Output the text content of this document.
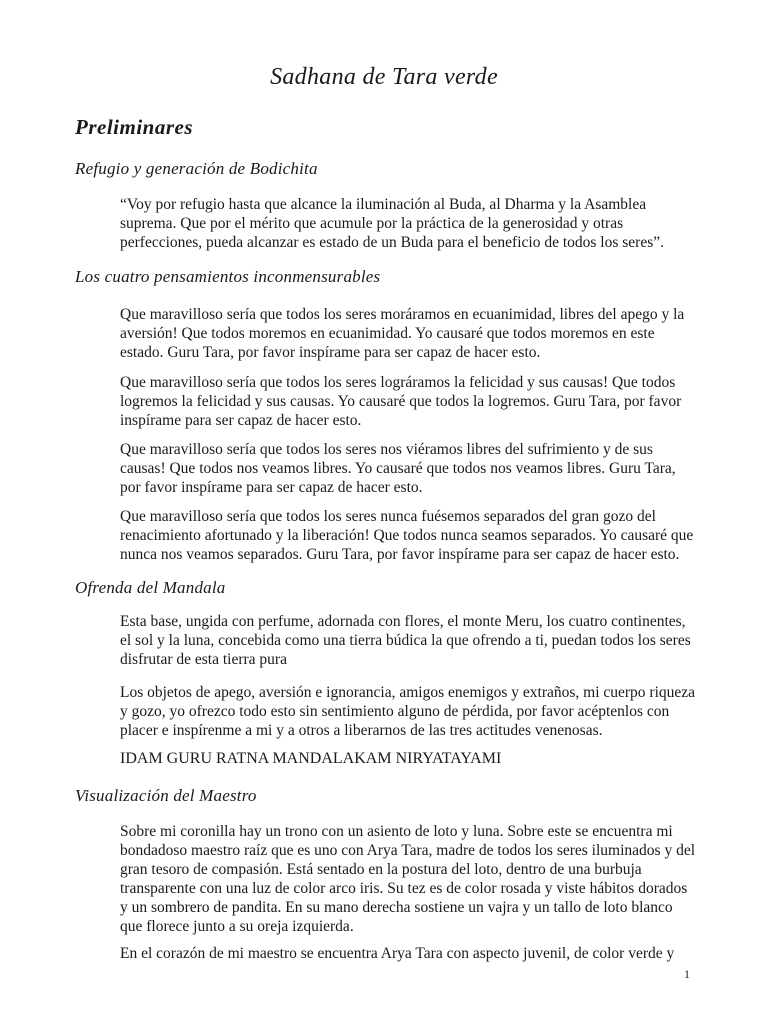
Sadhana de Tara verde
Preliminares
Refugio y generación de Bodichita

“Voy por refugio hasta que alcance la iluminación al Buda, al Dharma y la Asamblea suprema. Que por el mérito que acumule por la práctica de la generosidad y otras perfecciones, pueda alcanzar es estado de un Buda para el beneficio de todos los seres”.

Los cuatro pensamientos inconmensurables

Que maravilloso sería que todos los seres moráramos en ecuanimidad, libres del apego y la aversión! Que todos moremos en ecuanimidad. Yo causaré que todos moremos en este estado. Guru Tara, por favor inspírame para ser capaz de hacer esto.

Que maravilloso sería que todos los seres lográramos la felicidad y sus causas! Que todos logremos la felicidad y sus causas. Yo causaré que todos la logremos. Guru Tara, por favor inspírame para ser capaz de hacer esto.

Que maravilloso sería que todos los seres nos viéramos libres del sufrimiento y de sus causas! Que todos nos veamos libres. Yo causaré que todos nos veamos libres. Guru Tara, por favor inspírame para ser capaz de hacer esto.

Que maravilloso sería que todos los seres nunca fuésemos separados del gran gozo del renacimiento afortunado y la liberación! Que todos nunca seamos separados. Yo causaré que nunca nos veamos separados. Guru Tara, por favor inspírame para ser capaz de hacer esto.

Ofrenda del Mandala

Esta base, ungida con perfume, adornada con flores, el monte Meru, los cuatro continentes, el sol y la luna, concebida como una tierra búdica la que ofrendo a ti, puedan todos los seres disfrutar de esta tierra pura

Los objetos de apego, aversión e ignorancia, amigos enemigos y extraños, mi cuerpo riqueza y gozo, yo ofrezco todo esto sin sentimiento alguno de pérdida, por favor acéptenlos con placer e inspírenme a mi y a otros a liberarnos de las tres actitudes venenosas.

IDAM GURU RATNA MANDALAKAM NIRYATAYAMI
Visualización del Maestro

Sobre mi coronilla hay un trono con un asiento de loto y luna. Sobre este se encuentra mi bondadoso maestro raíz que es uno con Arya Tara, madre de todos los seres iluminados y del gran tesoro de compasión. Está sentado en la postura del loto, dentro de una burbuja transparente con una luz de color arco iris. Su tez es de color rosada y viste hábitos dorados y un sombrero de pandita. En su mano derecha sostiene un vajra y un tallo de loto blanco que florece junto a su oreja izquierda.

En el corazón de mi maestro se encuentra Arya Tara con aspecto juvenil, de color verde y

1
